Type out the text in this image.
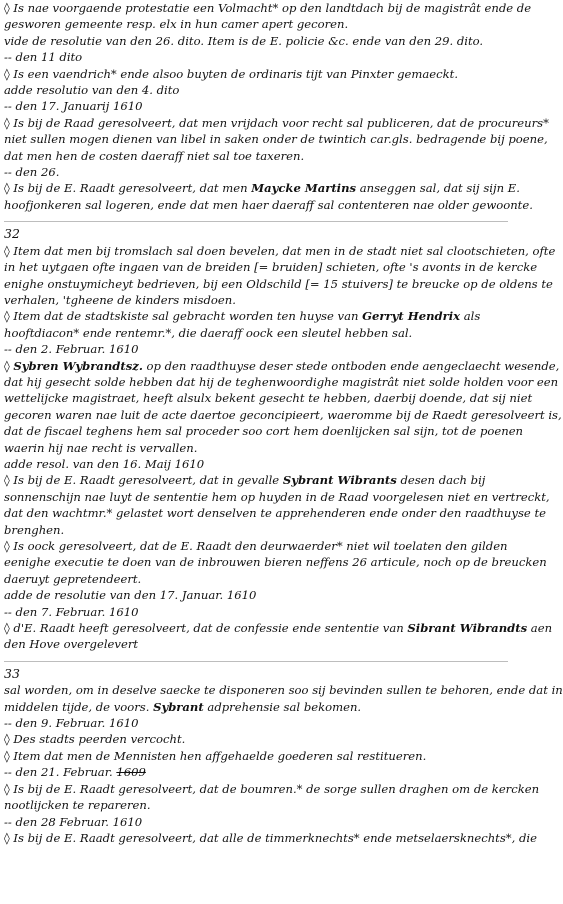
◊ Is nae voorgaende protestatie een Volmacht* op den landtdach bij de magistrât ende de
gesworen gemeente resp. elx in hun camer apert gecoren.
vide de resolutie van den 26. dito. Item is de E. policie &c. ende van den 29. dito.
-- den 11 dito
◊ Is een vaendrich* ende alsoo buyten de ordinaris tijt van Pinxter gemaeckt.
adde resolutio van den 4. dito
-- den 17. Januarij 1610
◊ Is bij de Raad geresolveert, dat men vrijdach voor recht sal publiceren, dat de procureurs*
niet sullen mogen dienen van libel in saken onder de twintich car.gls. bedragende bij poene,
dat men hen de costen daeraff niet sal toe taxeren.
-- den 26.
◊ Is bij de E. Raadt geresolveert, dat men Maycke Martins anseggen sal, dat sij sijn E.
hoofjonkeren sal logeren, ende dat men haer daeraff sal contenteren nae older gewoonte.
32
◊ Item dat men bij tromslach sal doen bevelen, dat men in de stadt niet sal clootschieten, ofte
in het uytgaen ofte ingaen van de breiden [= bruiden] schieten, ofte 's avonts in de kercke
enighe onstuymicheyt bedrieven, bij een Oldschild [= 15 stuivers] te breucke op de oldens te
verhalen, 'tgheene de kinders misdoen.
◊ Item dat de stadtskiste sal gebracht worden ten huyse van Gerryt Hendrix als
hooftdiacon* ende rentemr.*, die daeraff oock een sleutel hebben sal.
-- den 2. Februar. 1610
◊ Sybren Wybrandtsz. op den raadthuyse deser stede ontboden ende aengeclaecht wesende,
dat hij gesecht solde hebben dat hij de teghenwoordighe magistrât niet solde holden voor een
wettelijcke magistraet, heeft alsulx bekent gesecht te hebben, daerbij doende, dat sij niet
gecoren waren nae luit de acte daertoe geconcipieert, waeromme bij de Raedt geresolveert is,
dat de fiscael teghens hem sal proceder soo cort hem doenlijcken sal sijn, tot de poenen
waerin hij nae recht is vervallen.
adde resol. van den 16. Maij 1610
◊ Is bij de E. Raadt geresolveert, dat in gevalle Sybrant Wibrants desen dach bij
sonnenschijn nae luyt de sententie hem op huyden in de Raad voorgelesen niet en vertreckt,
dat den wachtmr.* gelastet wort denselven te apprehenderen ende onder den raadthuyse te
brenghen.
◊ Is oock geresolveert, dat de E. Raadt den deurwaerder* niet wil toelaten den gilden
eenighe executie te doen van de inbrouwen bieren neffens 26 articule, noch op de breucken
daeruyt gepretendeert.
adde de resolutie van den 17. Januar. 1610
-- den 7. Februar. 1610
◊ d'E. Raadt heeft geresolveert, dat de confessie ende sententie van Sibrant Wibrandts aen
den Hove overgelevert
33
sal worden, om in deselve saecke te disponeren soo sij bevinden sullen te behoren, ende dat in
middelen tijde, de voors. Sybrant adprehensie sal bekomen.
-- den 9. Februar. 1610
◊ Des stadts peerden vercocht.
◊ Item dat men de Mennisten hen affgehaelde goederen sal restitueren.
-- den 21. Februar. 1609
◊ Is bij de E. Raadt geresolveert, dat de boumren.* de sorge sullen draghen om de kercken
nootlijcken te repareren.
-- den 28 Februar. 1610
◊ Is bij de E. Raadt geresolveert, dat alle de timmerknechts* ende metselaersknechts*, die
